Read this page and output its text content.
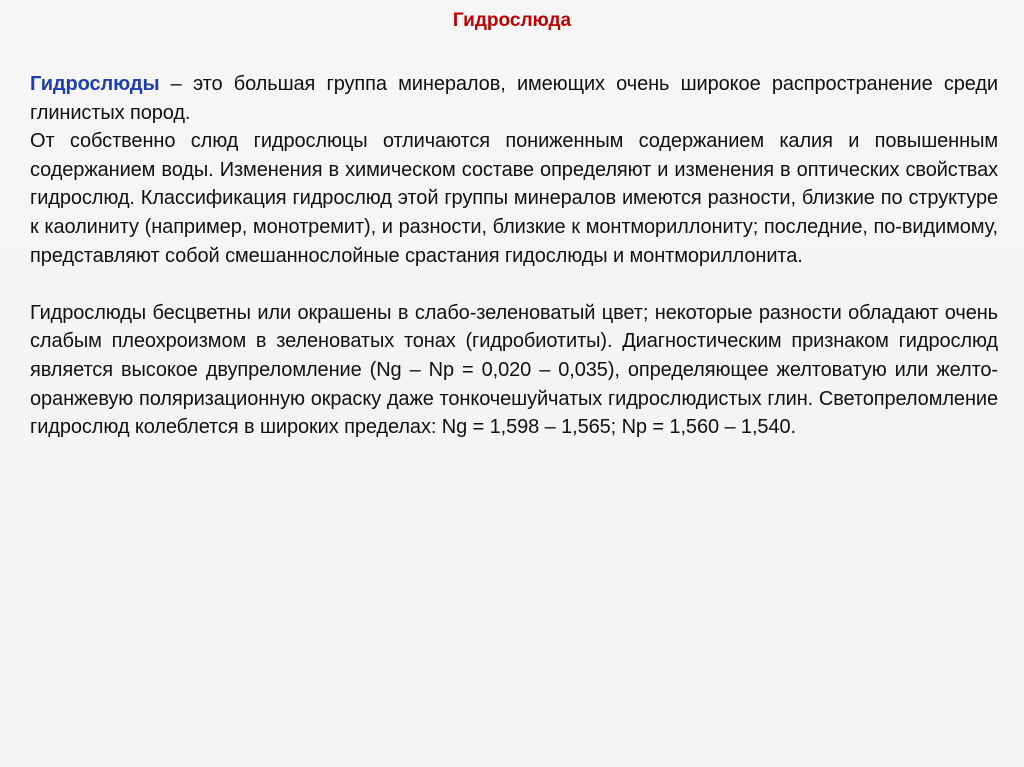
Гидрослюда

Гидрослюды – это большая группа минералов, имеющих очень широкое распространение среди глинистых пород.

От собственно слюд гидрослюцы отличаются пониженным содержанием калия и повышенным содержанием воды. Изменения в химическом составе определяют и изменения в оптических свойствах гидрослюд. Классификация гидрослюд этой группы минералов имеются разности, близкие по структуре к каолиниту (например, монотремит), и разности, близкие к монтмориллониту; последние, по-видимому, представляют собой смешаннослойные срастания гидослюды и монтмориллонита.

Гидрослюды бесцветны или окрашены в слабо-зеленоватый цвет; некоторые разности обладают очень слабым плеохроизмом в зеленоватых тонах (гидробиотиты). Диагностическим признаком гидрослюд является высокое двупреломление (Ng – Np = 0,020 – 0,035), определяющее желтоватую или желто-оранжевую поляризационную окраску даже тонкочешуйчатых гидрослюдистых глин. Светопреломление гидрослюд колеблется в широких пределах: Ng = 1,598 – 1,565; Np = 1,560 – 1,540.
